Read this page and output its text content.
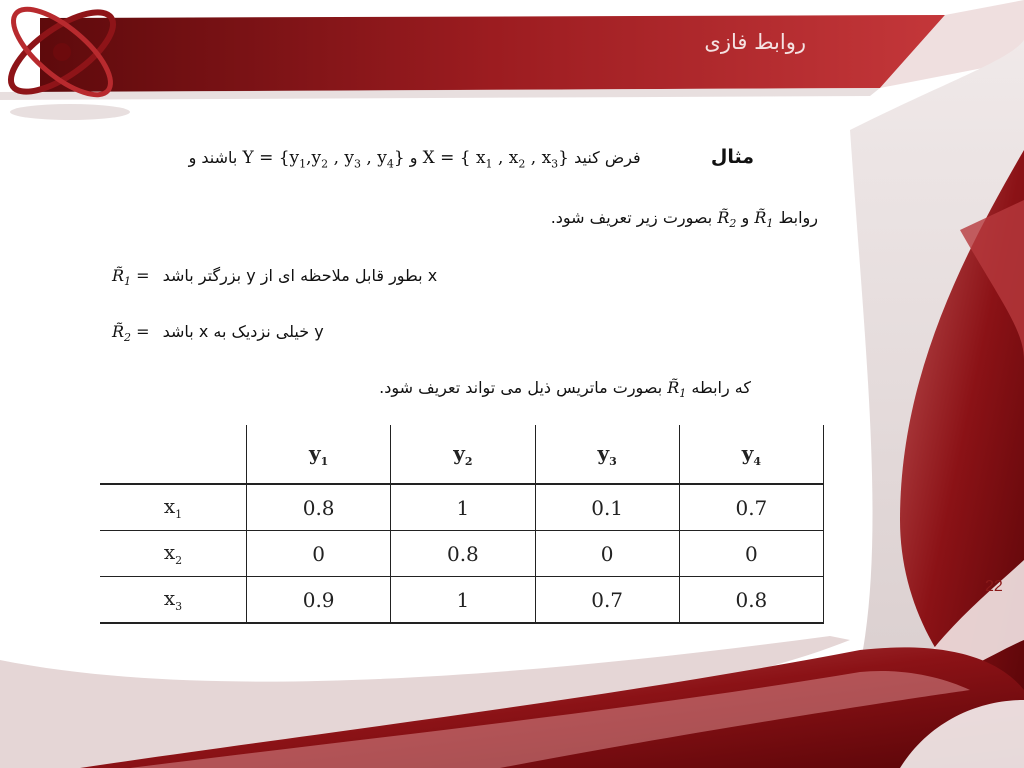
روابط فازی
مثال  فرض کنید X = { $x_1$ , $x_2$ , $x_3$} و $Y = \{y_1,y_2$ , $y_3$ , $y_4$} باشند و
روابط $R̃_1$ و $R̃_2$ بصورت زیر تعریف شود.
$R̃_1 = x$ بطور قابل ملاحظه ای از y بزرگتر باشد
$R̃_2 = y$ خیلی نزدیک به x باشد
که رابطه $R̃_1$ بصورت ماتریس ذیل می تواند تعریف شود.
	$y_1$	$y_2$	$y_3$	$y_4$
$x_1$	0.8	1	0.1	0.7
$x_2$	0	0.8	0	0
$x_3$	0.9	1	0.7	0.8
22
